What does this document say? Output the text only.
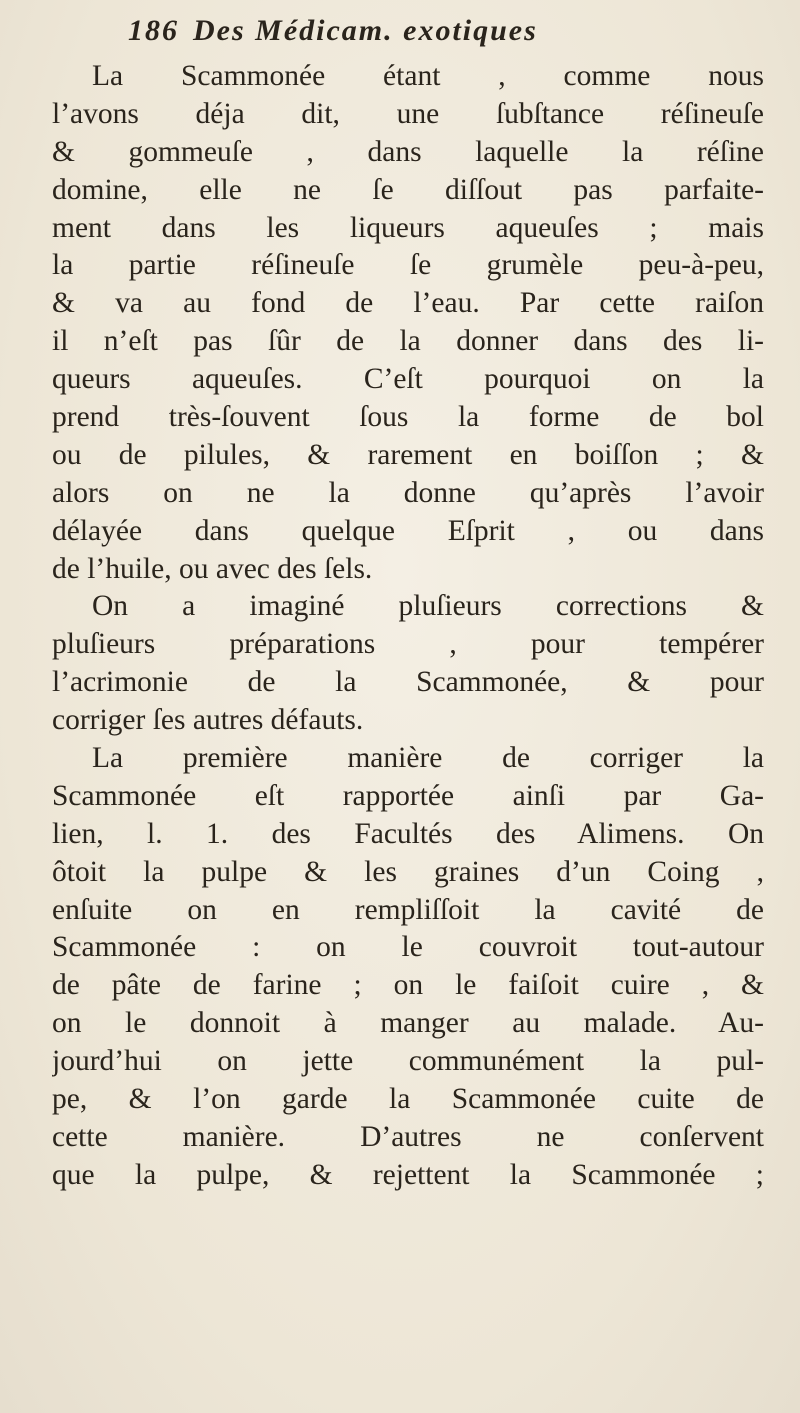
186 Des Médicam. exotiques
La Scammonée étant , comme nous
l’avons déja dit, une ſubſtance réſineuſe
& gommeuſe , dans laquelle la réſine
domine, elle ne ſe diſſout pas parfaite-
ment dans les liqueurs aqueuſes ; mais
la partie réſineuſe ſe grumèle peu-à-peu,
& va au fond de l’eau. Par cette raiſon
il n’eſt pas ſûr de la donner dans des li-
queurs aqueuſes. C’eſt pourquoi on la
prend très-ſouvent ſous la forme de bol
ou de pilules, & rarement en boiſſon ; &
alors on ne la donne qu’après l’avoir
délayée dans quelque Eſprit , ou dans
de l’huile, ou avec des ſels.
On a imaginé pluſieurs corrections &
pluſieurs préparations , pour tempérer
l’acrimonie de la Scammonée, & pour
corriger ſes autres défauts.
La première manière de corriger la
Scammonée eſt rapportée ainſi par Ga-
lien, l. 1. des Facultés des Alimens. On
ôtoit la pulpe & les graines d’un Coing ,
enſuite on en rempliſſoit la cavité de
Scammonée : on le couvroit tout-autour
de pâte de farine ; on le faiſoit cuire , &
on le donnoit à manger au malade. Au-
jourd’hui on jette communément la pul-
pe, & l’on garde la Scammonée cuite de
cette manière. D’autres ne conſervent
que la pulpe, & rejettent la Scammonée ;
